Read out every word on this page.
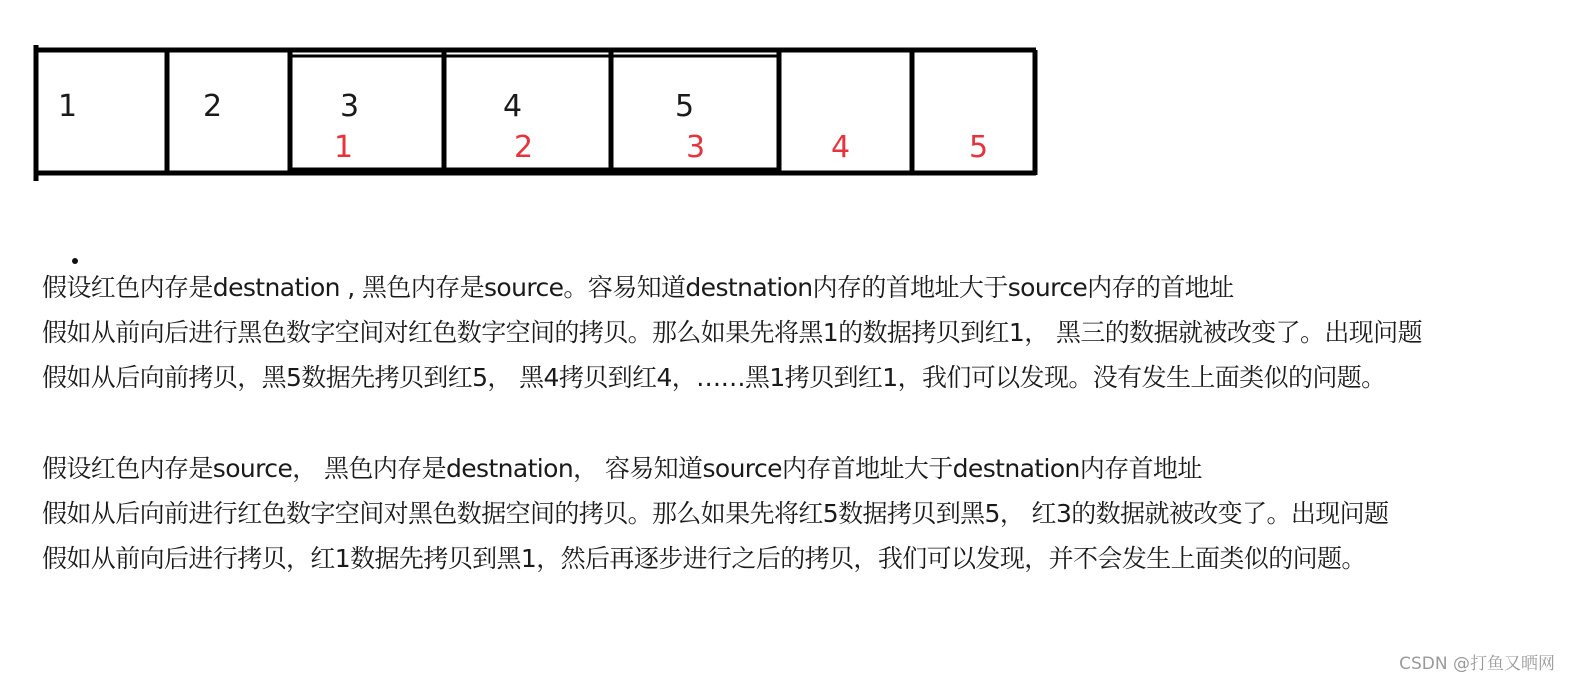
1	2	3	4	5
1	2	3	4	5
假设红色内存是destnation , 黑色内存是source。容易知道destnation内存的首地址大于source内存的首地址
假如从前向后进行黑色数字空间对红色数字空间的拷贝。那么如果先将黑1的数据拷贝到红1， 黑三的数据就被改变了。出现问题
假如从后向前拷贝，黑5数据先拷贝到红5， 黑4拷贝到红4，……黑1拷贝到红1，我们可以发现。没有发生上面类似的问题。
假设红色内存是source， 黑色内存是destnation， 容易知道source内存首地址大于destnation内存首地址
假如从后向前进行红色数字空间对黑色数据空间的拷贝。那么如果先将红5数据拷贝到黑5， 红3的数据就被改变了。出现问题
假如从前向后进行拷贝，红1数据先拷贝到黑1，然后再逐步进行之后的拷贝，我们可以发现，并不会发生上面类似的问题。
CSDN @打鱼又晒网
